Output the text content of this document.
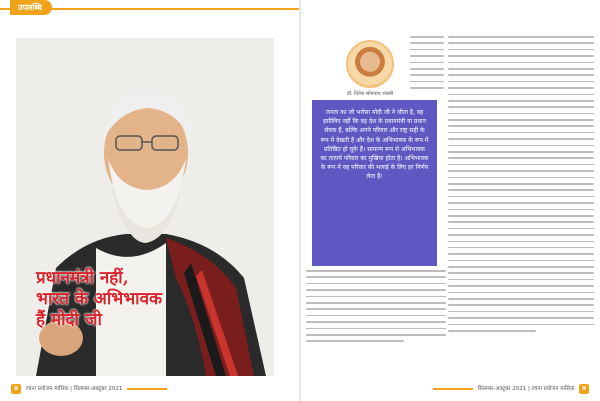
उपलब्धि
प्रधानमंत्री नहीं,
भारत के अभिभावक
हैं मोदी जी
8 रचना प्रयोजन मासिक | सितम्बर-अक्टूबर 2021
डॉ. दिनेश सोमनाथ शास्त्री
जनता का जो भरोसा मोदी जी ने जीता है, वह इसीलिए नहीं कि वह देश के प्रधानमंत्री या प्रधान सेवक हैं, बल्कि अपने परिवार और राष्ट्र सही के रूप में देखती है और देश के अभिभावक के रूप में प्रतिष्ठित हो चुके हैं। सामान्य रूप से अभिभावक का तात्पर्य परिवार का मुखिया होता है। अभिभावक के रूप में वह परिवार की भलाई के लिए हर निर्णय लेता है।
सितम्बर-अक्टूबर 2021 | रचना प्रयोजन मासिक 9
